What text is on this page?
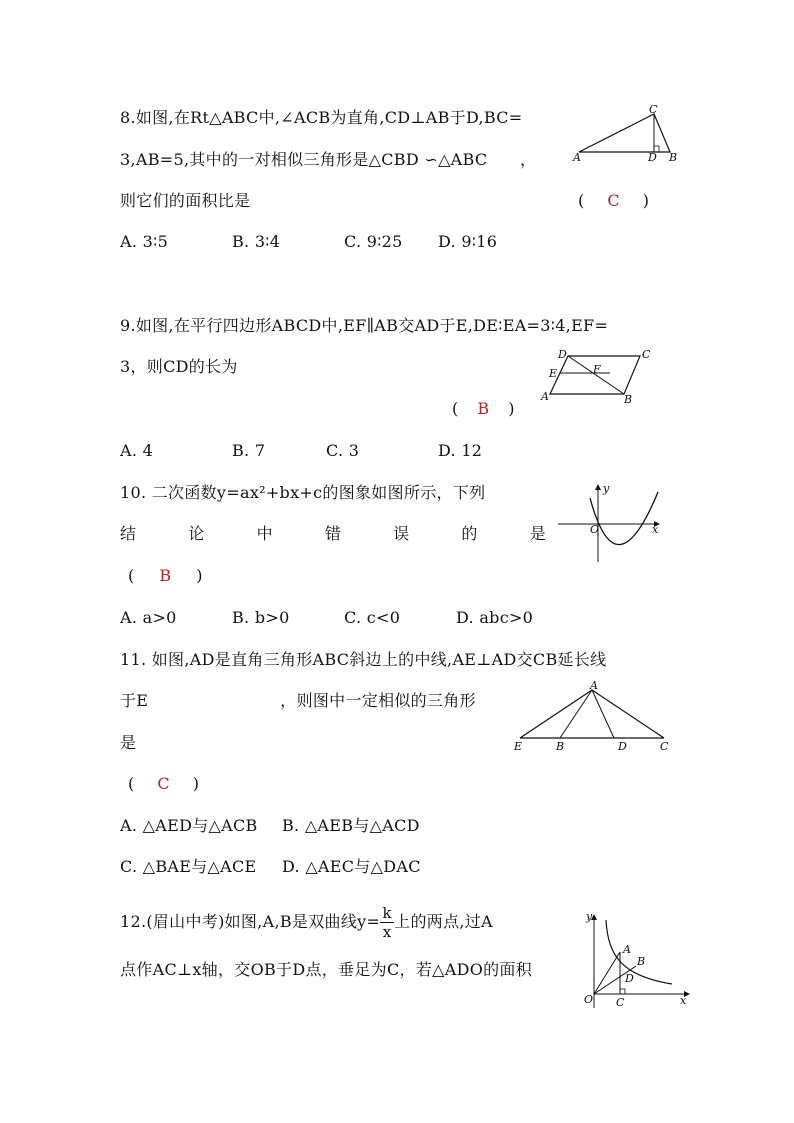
8.如图,在Rt△ABC中,∠ACB为直角,CD⊥AB于D,BC=
3,AB=5,其中的一对相似三角形是△CBD ∽△ABC　　，
则它们的面积比是	( C )
A. 3∶5	B. 3∶4	C. 9∶25 D. 9∶16
C
A	D B
9.如图,在平行四边形ABCD中,EF∥AB交AD于E,DE∶EA=3∶4,EF=
3，则CD的长为
( B )
A. 4	B. 7	C. 3	D. 12
D	C
E	F
A	B
10. 二次函数y=ax²+bx+c的图象如图所示，下列
结	论	中	错	误	的	是
( B )
A. a>0	B. b>0	C. c<0	D. abc>0
y
O	x
11. 如图,AD是直角三角形ABC斜边上的中线,AE⊥AD交CB延长线
于E	，则图中一定相似的三角形
是
( C )
A. △AED与△ACB B. △AEB与△ACD
C. △BAE与△ACE D. △AEC与△DAC
A
E	B	D	C
12.(眉山中考)如图,A,B是双曲线$y= \frac{k}{x}$ 上的两点,过A
点作AC⊥x轴，交OB于D点，垂足为C，若△ADO的面积
y
A
B
D
O C	x
